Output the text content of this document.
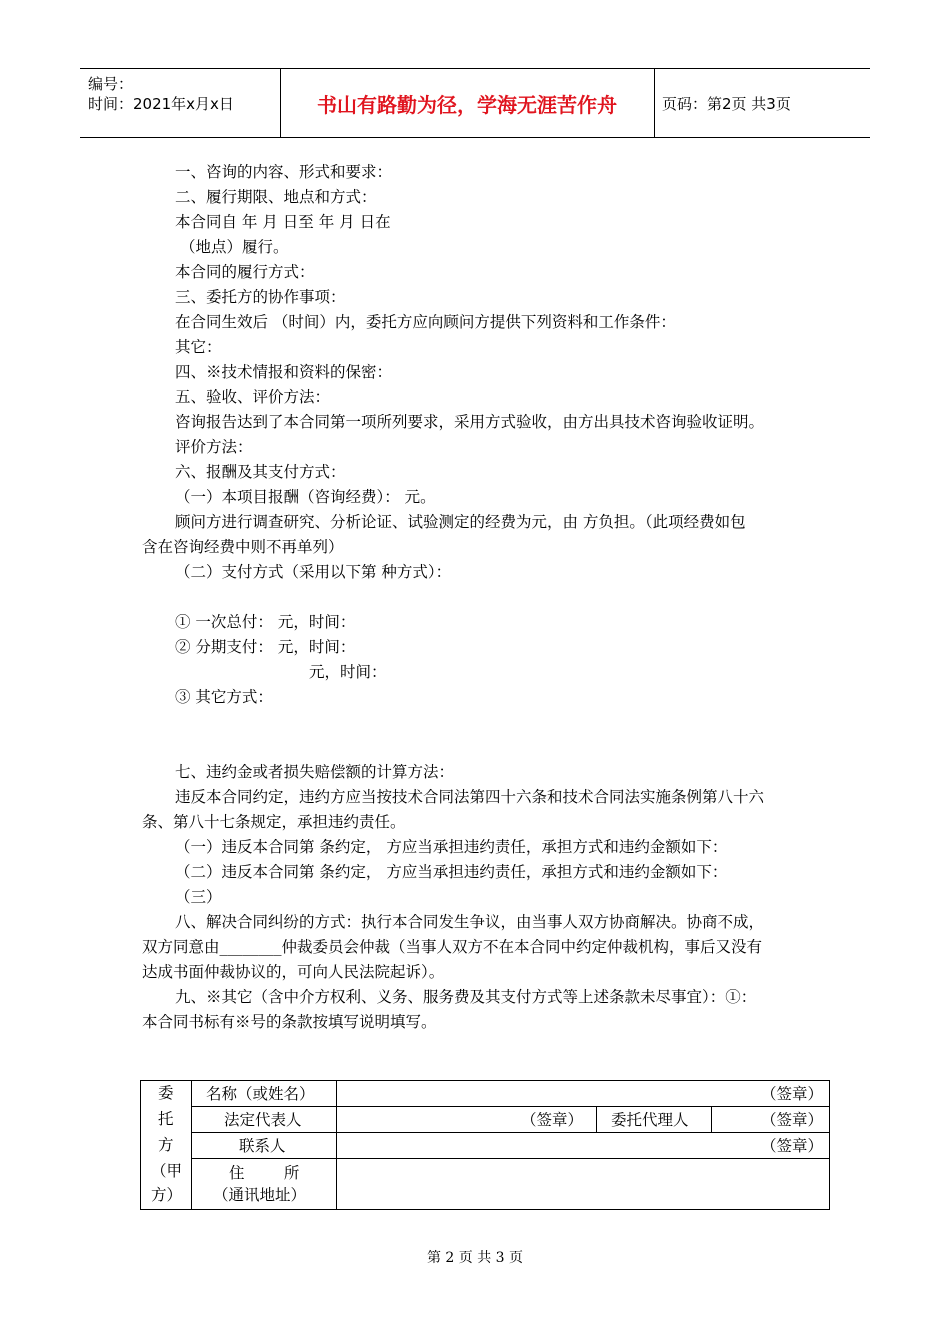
编号：
时间：2021年x月x日	书山有路勤为径，学海无涯苦作舟	页码：第2页 共3页
一、咨询的内容、形式和要求：
二、履行期限、地点和方式：
本合同自 年 月 日至 年 月 日在
（地点）履行。
本合同的履行方式：
三、委托方的协作事项：
在合同生效后 （时间）内，委托方应向顾问方提供下列资料和工作条件：
其它：
四、※技术情报和资料的保密：
五、验收、评价方法：
咨询报告达到了本合同第一项所列要求，采用方式验收，由方出具技术咨询验收证明。
评价方法：
六、报酬及其支付方式：
（一）本项目报酬（咨询经费）： 元。
顾问方进行调查研究、分析论证、试验测定的经费为元，由 方负担。（此项经费如包
含在咨询经费中则不再单列）
（二）支付方式（采用以下第 种方式）：
① 一次总付： 元，时间：
② 分期支付： 元，时间：
元，时间：
③ 其它方式：
七、违约金或者损失赔偿额的计算方法：
违反本合同约定，违约方应当按技术合同法第四十六条和技术合同法实施条例第八十六
条、第八十七条规定，承担违约责任。
（一）违反本合同第 条约定， 方应当承担违约责任，承担方式和违约金额如下：
（二）违反本合同第 条约定， 方应当承担违约责任，承担方式和违约金额如下：
（三）
八、解决合同纠纷的方式：执行本合同发生争议，由当事人双方协商解决。协商不成，
双方同意由________仲裁委员会仲裁（当事人双方不在本合同中约定仲裁机构，事后又没有
达成书面仲裁协议的，可向人民法院起诉）。
九、※其它（含中介方权利、义务、服务费及其支付方式等上述条款未尽事宜）：①：
本合同书标有※号的条款按填写说明填写。
委
托
方
（甲
方）
名称（或姓名）	（签章）
法定代表人	（签章） 委托代理人	（签章）
联系人	（签章）
住        所
（通讯地址）
第 2 页 共 3 页
